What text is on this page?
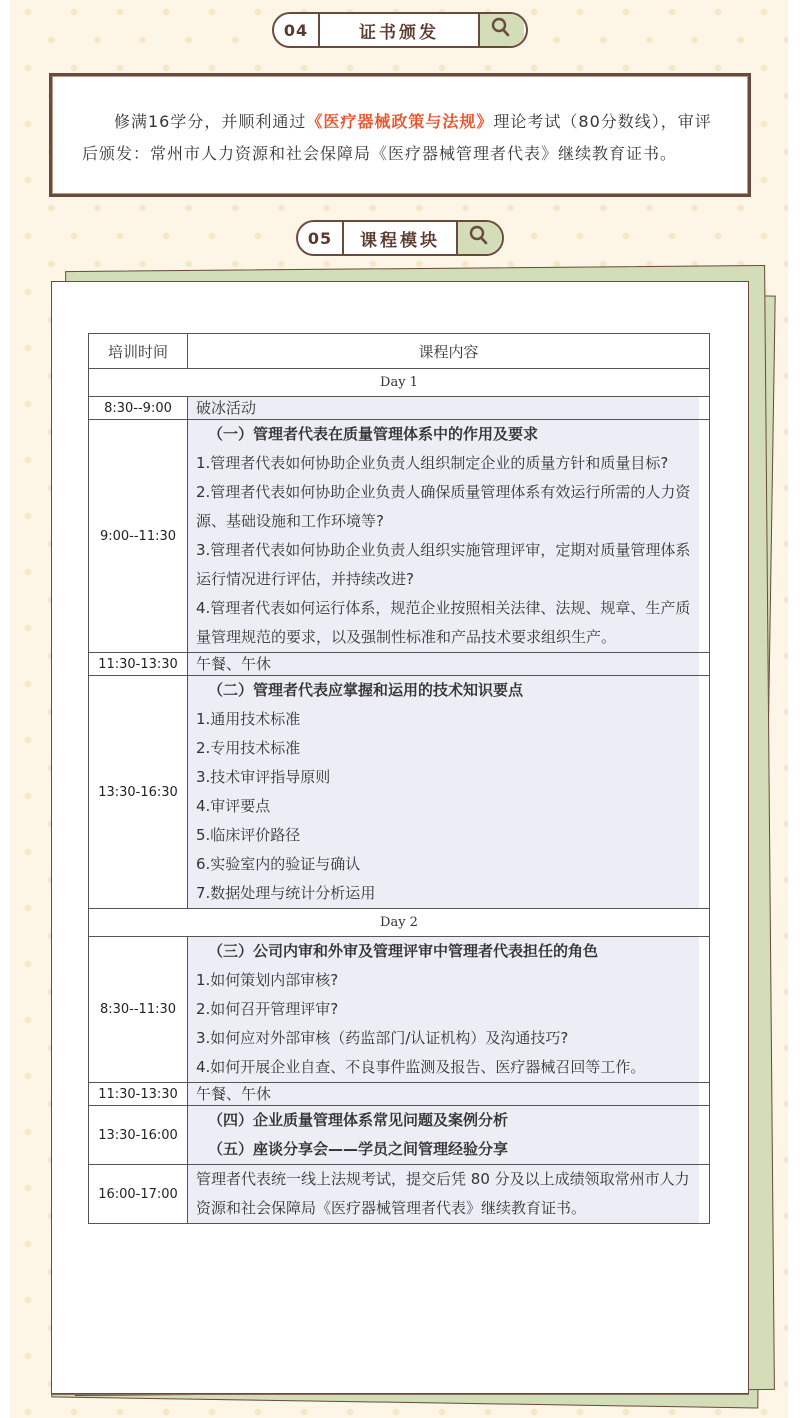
04	证书颁发

修满16学分，并顺利通过《医疗器械政策与法规》理论考试（80分数线），审评后颁发：常州市人力资源和社会保障局《医疗器械管理者代表》继续教育证书。

05	课程模块
培训时间	课程内容
Day 1	
8:30--9:00	破冰活动

9:00--11:30	（一）管理者代表在质量管理体系中的作用及要求
1.管理者代表如何协助企业负责人组织制定企业的质量方针和质量目标?
2.管理者代表如何协助企业负责人确保质量管理体系有效运行所需的人力资源、基础设施和工作环境等?
3.管理者代表如何协助企业负责人组织实施管理评审，定期对质量管理体系运行情况进行评估，并持续改进?
4.管理者代表如何运行体系，规范企业按照相关法律、法规、规章、生产质量管理规范的要求，以及强制性标准和产品技术要求组织生产。

11:30-13:30	午餐、午休

13:30-16:30	
（二）管理者代表应掌握和运用的技术知识要点
1.通用技术标准
2.专用技术标准
3.技术审评指导原则
4.审评要点
5.临床评价路径
6.实验室内的验证与确认
7.数据处理与统计分析运用

Day 2	
8:30--11:30	（三）公司内审和外审及管理评审中管理者代表担任的角色
1.如何策划内部审核?
2.如何召开管理评审?
3.如何应对外部审核（药监部门/认证机构）及沟通技巧?
4.如何开展企业自查、不良事件监测及报告、医疗器械召回等工作。

11:30-13:30	午餐、午休

13:30-16:00	（四）企业质量管理体系常见问题及案例分析
（五）座谈分享会——学员之间管理经验分享

16:00-17:00	管理者代表统一线上法规考试，提交后凭 80 分及以上成绩领取常州市人力资源和社会保障局《医疗器械管理者代表》继续教育证书。
